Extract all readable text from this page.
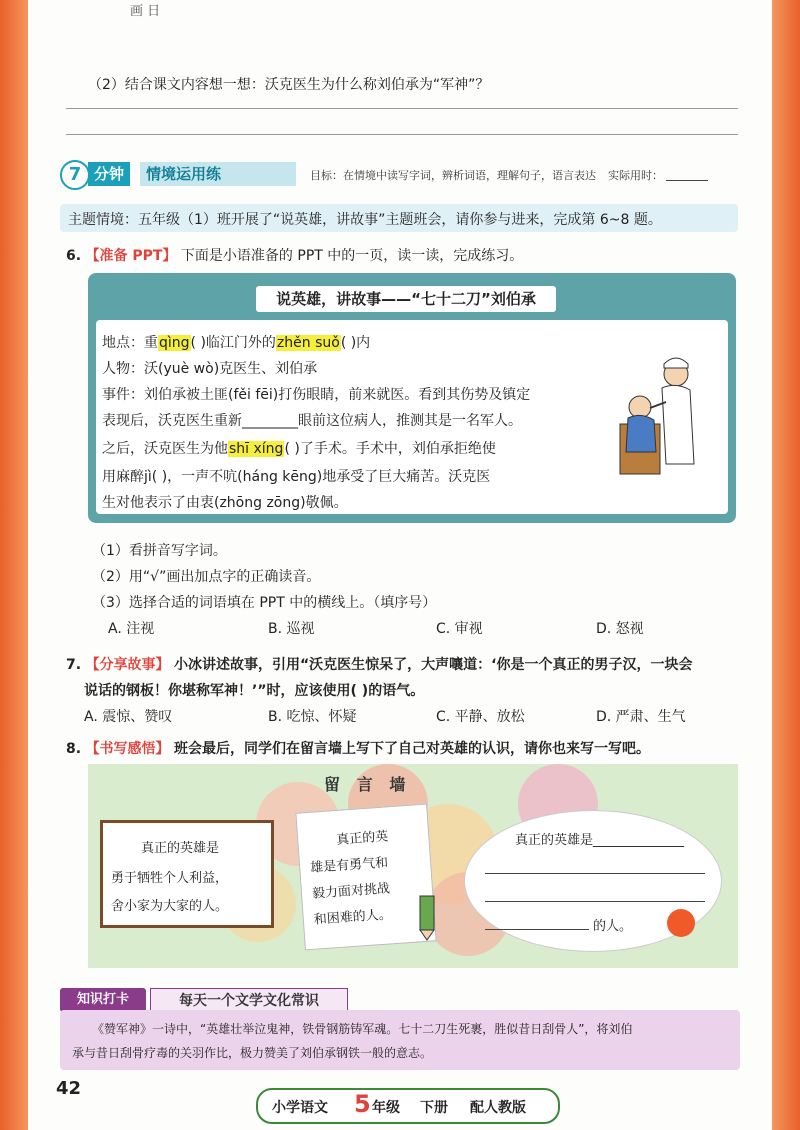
画 日
（2）结合课文内容想一想：沃克医生为什么称刘伯承为“军神”？
7 分钟	情境运用练	目标：在情境中读写字词，辨析词语，理解句子，语言表达 实际用时：
主题情境：五年级（1）班开展了“说英雄，讲故事”主题班会，请你参与进来，完成第 6~8 题。
6. 【准备 PPT】 下面是小语准备的 PPT 中的一页，读一读，完成练习。
说英雄，讲故事——“七十二刀”刘伯承
地点：重qìng( )临江门外的zhěn suǒ( )内
人物：沃(yuè wò)克医生、刘伯承
事件：刘伯承被土匪(fěi fēi)打伤眼睛，前来就医。看到其伤势及镇定
表现后，沃克医生重新________眼前这位病人，推测其是一名军人。
之后，沃克医生为他shī xíng( )了手术。手术中，刘伯承拒绝使
用麻醉jì( )，一声不吭(háng kēng)地承受了巨大痛苦。沃克医
生对他表示了由衷(zhōng zōng)敬佩。
（1）看拼音写字词。
（2）用“√”画出加点字的正确读音。
（3）选择合适的词语填在 PPT 中的横线上。（填序号）
A. 注视	B. 巡视	C. 审视	D. 怒视
7. 【分享故事】 小冰讲述故事，引用“沃克医生惊呆了，大声嚷道：‘你是一个真正的男子汉，一块会
说话的钢板！你堪称军神！’”时，应该使用( )的语气。
A. 震惊、赞叹	B. 吃惊、怀疑	C. 平静、放松	D. 严肃、生气
8. 【书写感悟】 班会最后，同学们在留言墙上写下了自己对英雄的认识，请你也来写一写吧。
留   言   墙
真正的英雄是
勇于牺牲个人利益，
舍小家为大家的人。
真正的英
雄是有勇气和
毅力面对挑战
和困难的人。
真正的英雄是______________
的人。
知识打卡	每天一个文学文化常识
《赞军神》一诗中，“英雄壮举泣鬼神，铁骨钢筋铸军魂。七十二刀生死裹，胜似昔日刮骨人”，将刘伯
承与昔日刮骨疗毒的关羽作比，极力赞美了刘伯承钢铁一般的意志。
42
小学语文 5 年级 下册 配人教版
